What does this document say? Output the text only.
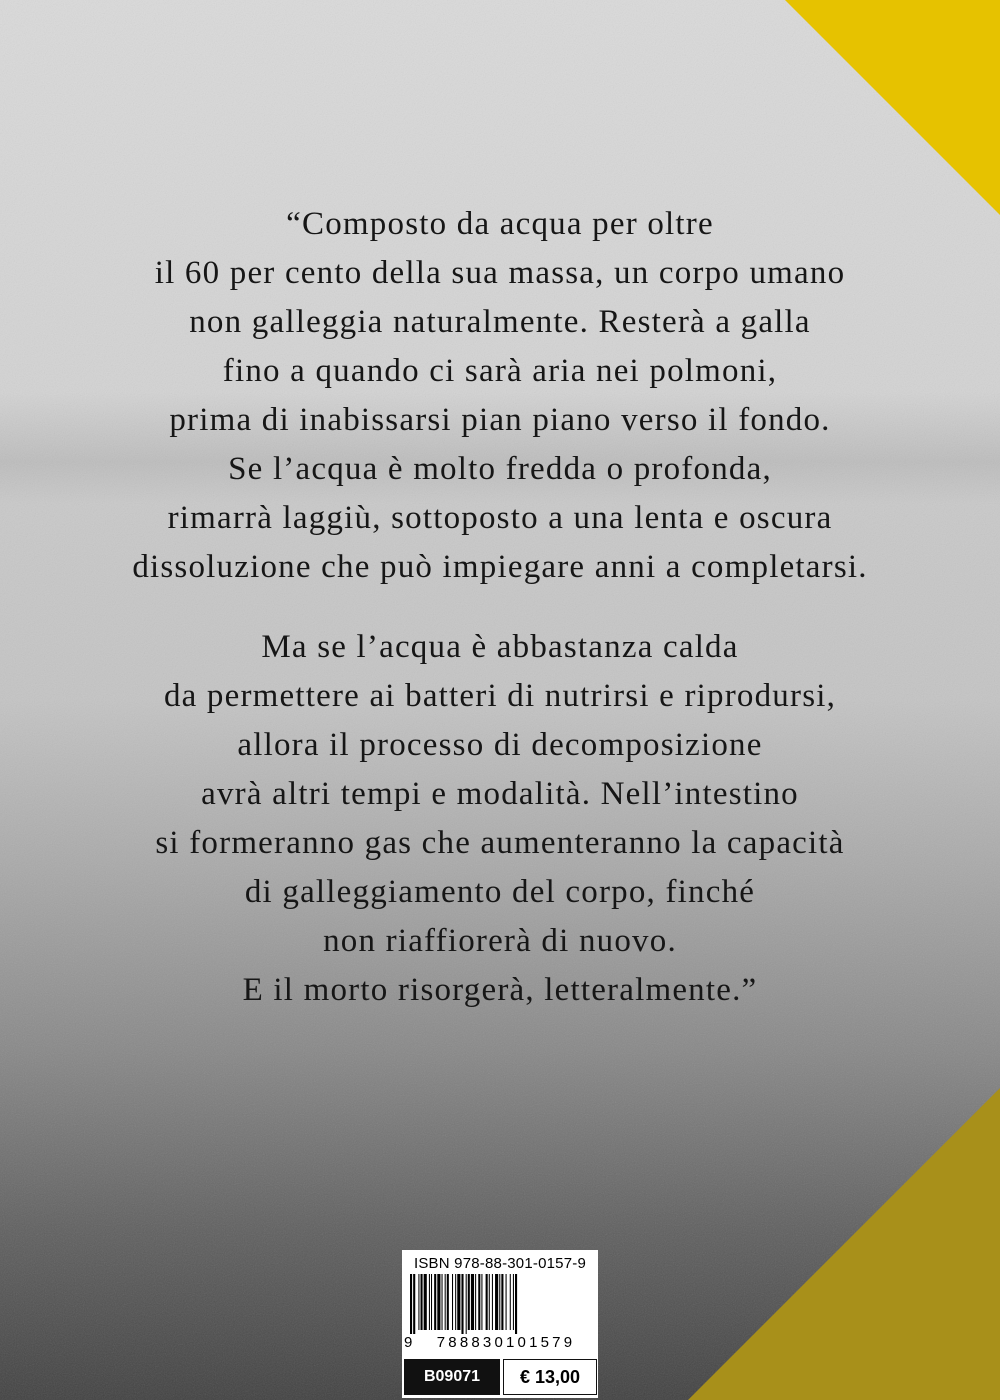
“Composto da acqua per oltre
il 60 per cento della sua massa, un corpo umano
non galleggia naturalmente. Resterà a galla
fino a quando ci sarà aria nei polmoni,
prima di inabissarsi pian piano verso il fondo.
Se l’acqua è molto fredda o profonda,
rimarrà laggiù, sottoposto a una lenta e oscura
dissoluzione che può impiegare anni a completarsi.
Ma se l’acqua è abbastanza calda
da permettere ai batteri di nutrirsi e riprodursi,
allora il processo di decomposizione
avrà altri tempi e modalità. Nell’intestino
si formeranno gas che aumenteranno la capacità
di galleggiamento del corpo, finché
non riaffiorerà di nuovo.
E il morto risorgerà, letteralmente.”
ISBN 978-88-301-0157-9
9	788830101579
B09071	€ 13,00
